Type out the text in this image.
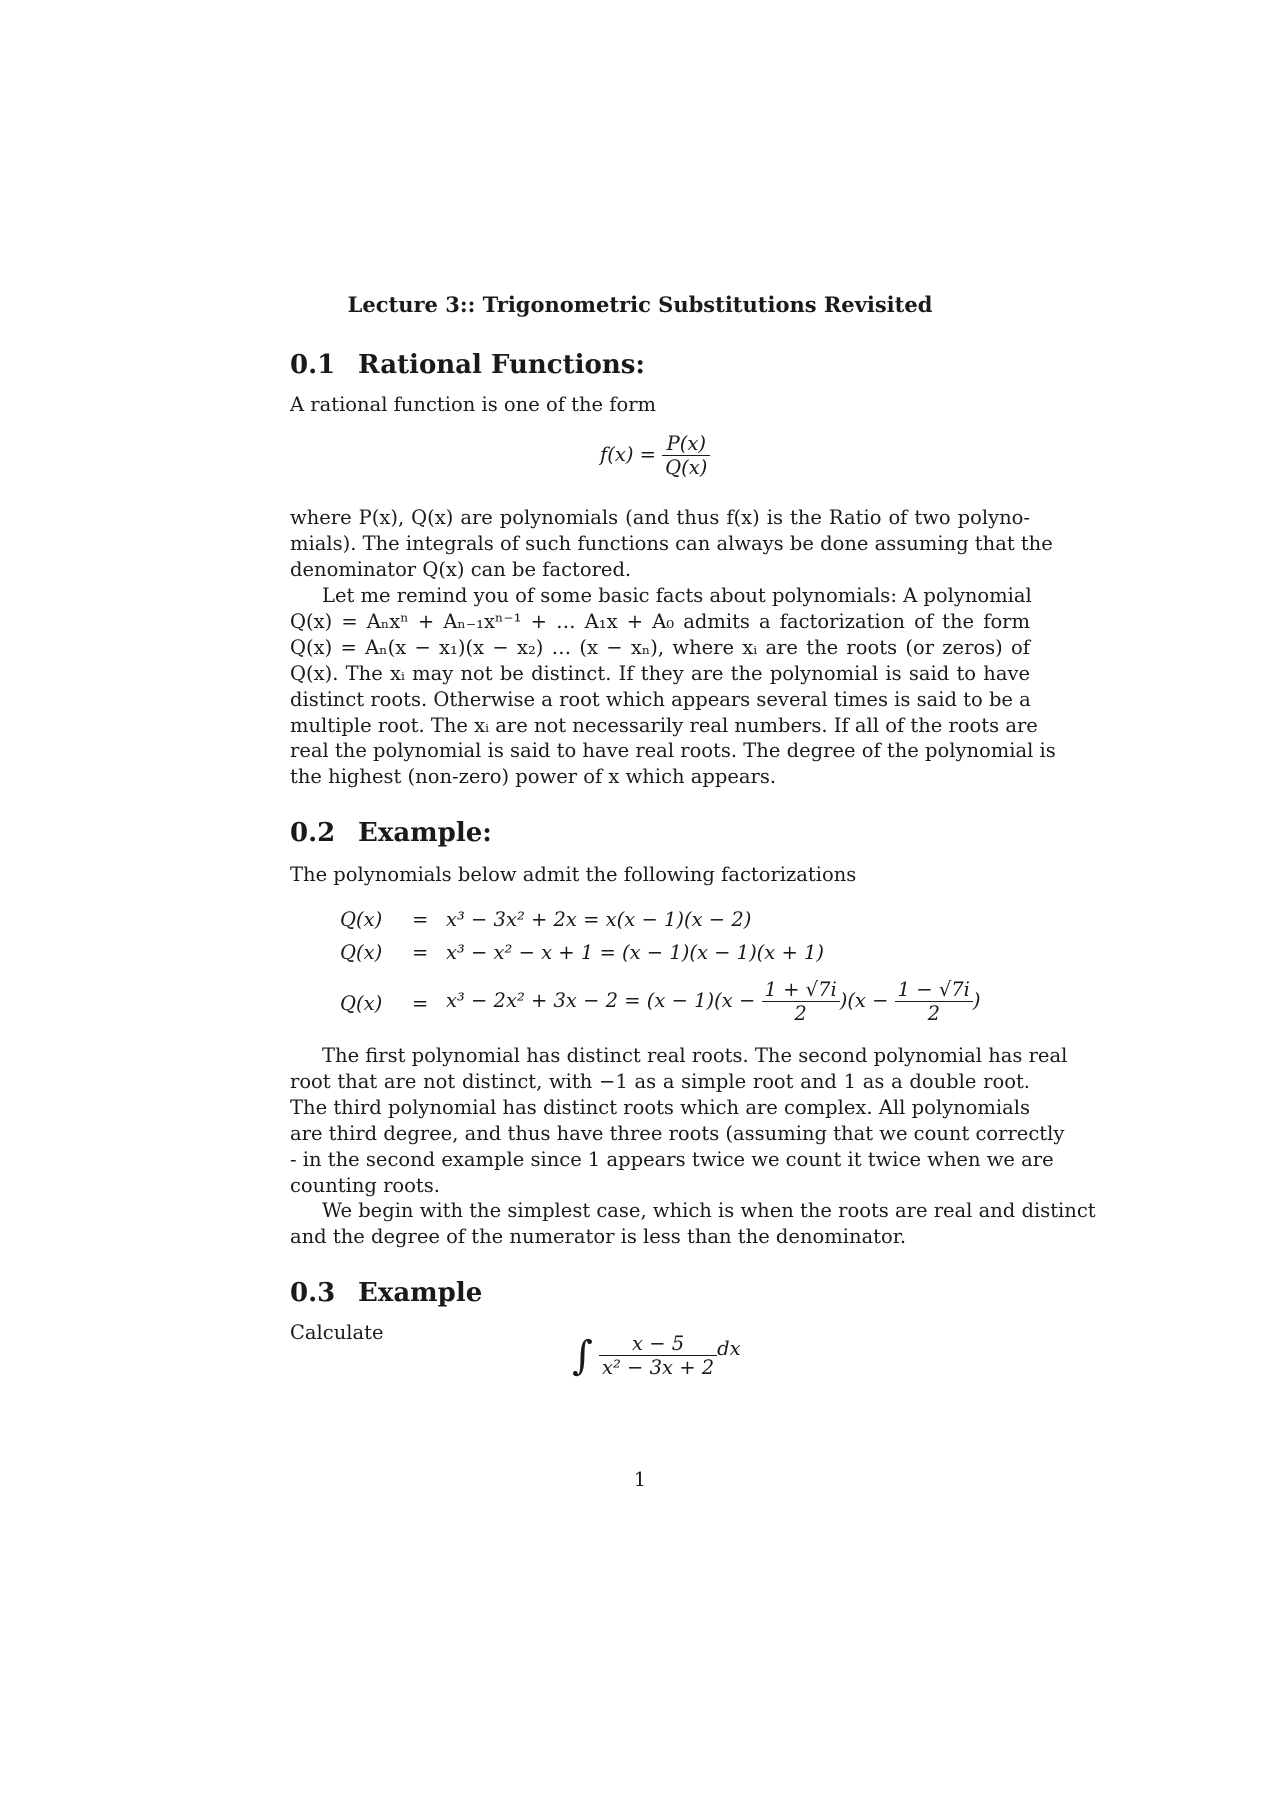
Lecture 3:: Trigonometric Substitutions Revisited
0.1 Rational Functions:
A rational function is one of the form
$f(x) = \frac{P(x)}{Q(x)}$
where P(x), Q(x) are polynomials (and thus f(x) is the Ratio of two polyno-
mials). The integrals of such functions can always be done assuming that the
denominator Q(x) can be factored.
Let me remind you of some basic facts about polynomials: A polynomial
Q(x) = Aₙxⁿ + Aₙ₋₁xⁿ⁻¹ + … A₁x + A₀ admits a factorization of the form
Q(x) = Aₙ(x − x₁)(x − x₂) … (x − xₙ), where xᵢ are the roots (or zeros) of
Q(x). The xᵢ may not be distinct. If they are the polynomial is said to have
distinct roots. Otherwise a root which appears several times is said to be a
multiple root. The xᵢ are not necessarily real numbers. If all of the roots are
real the polynomial is said to have real roots. The degree of the polynomial is
the highest (non-zero) power of x which appears.
0.2 Example:
The polynomials below admit the following factorizations
Q(x) = x³ − 3x² + 2x = x(x − 1)(x − 2)
Q(x) = x³ − x² − x + 1 = (x − 1)(x − 1)(x + 1)
$Q(x) = x^3 - 2x^2 + 3x - 2 = (x - 1)(x - \frac{1 + √7i}{2} )(x - \frac{1 - √7i}{2}$ )
The first polynomial has distinct real roots. The second polynomial has real
root that are not distinct, with −1 as a simple root and 1 as a double root.
The third polynomial has distinct roots which are complex. All polynomials
are third degree, and thus have three roots (assuming that we count correctly
- in the second example since 1 appears twice we count it twice when we are
counting roots.
We begin with the simplest case, which is when the roots are real and distinct
and the degree of the numerator is less than the denominator.
0.3 Example
Calculate	∫ $\frac{x - 5}{\text{x² − 3x + 2}}$ dx
1
